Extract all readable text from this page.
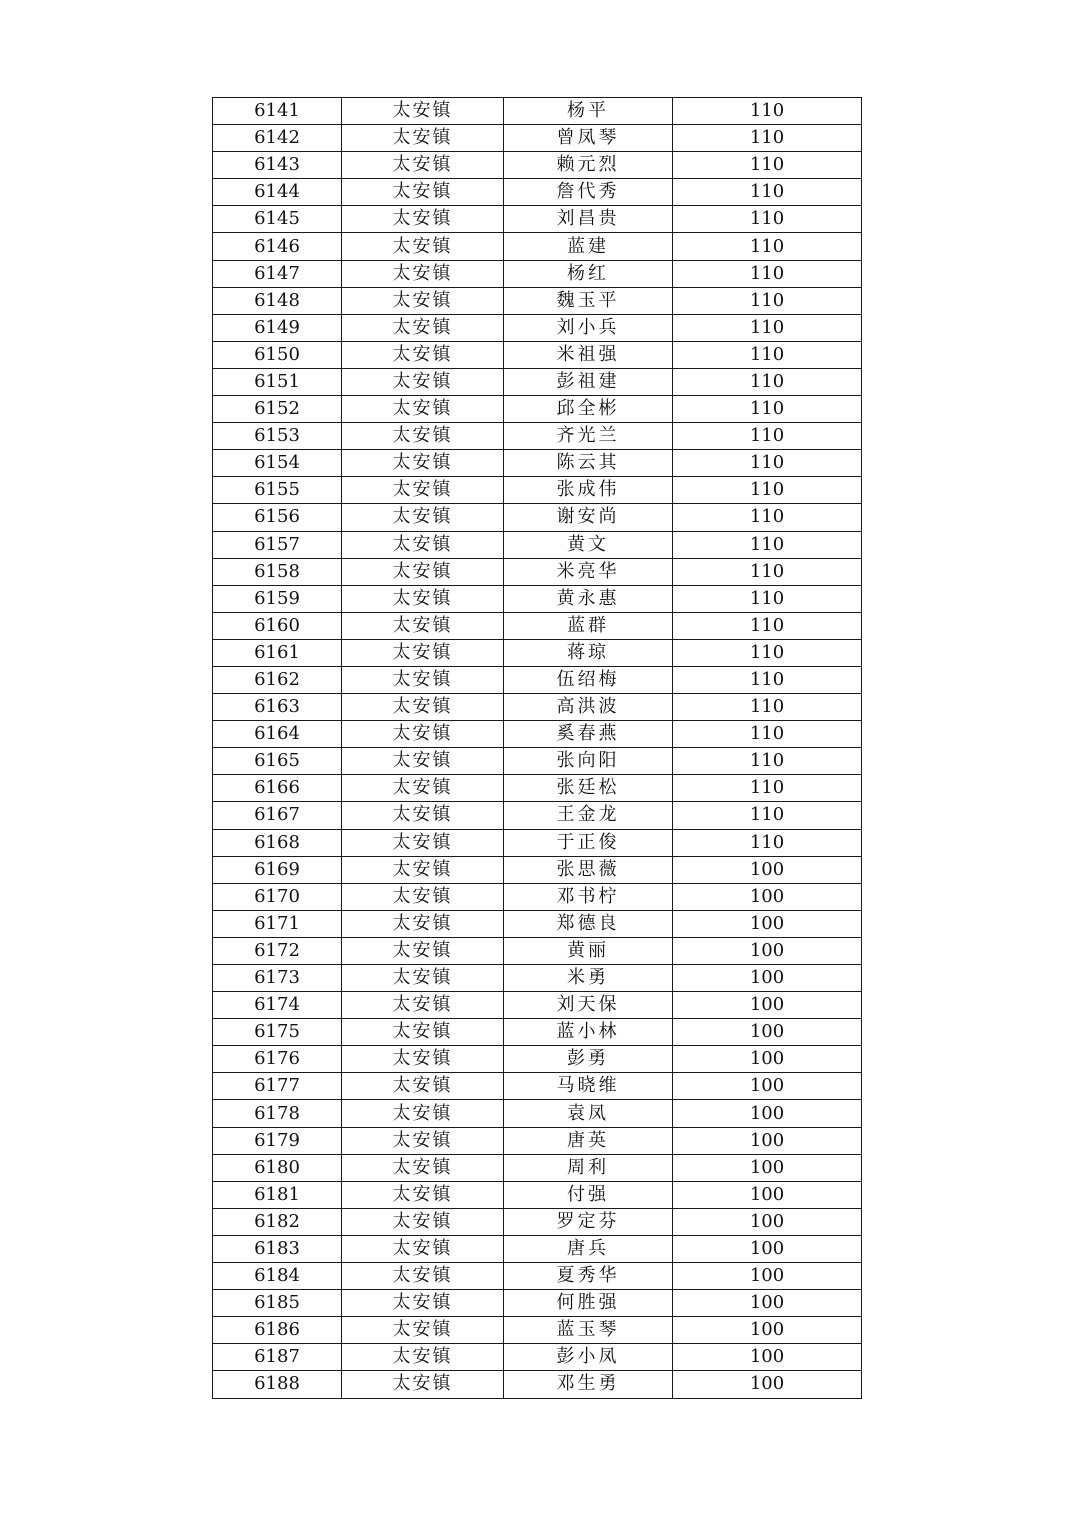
6141	太安镇	杨平	110
6142	太安镇	曾凤琴	110
6143	太安镇	赖元烈	110
6144	太安镇	詹代秀	110
6145	太安镇	刘昌贵	110
6146	太安镇	蓝建	110
6147	太安镇	杨红	110
6148	太安镇	魏玉平	110
6149	太安镇	刘小兵	110
6150	太安镇	米祖强	110
6151	太安镇	彭祖建	110
6152	太安镇	邱全彬	110
6153	太安镇	齐光兰	110
6154	太安镇	陈云其	110
6155	太安镇	张成伟	110
6156	太安镇	谢安尚	110
6157	太安镇	黄文	110
6158	太安镇	米亮华	110
6159	太安镇	黄永惠	110
6160	太安镇	蓝群	110
6161	太安镇	蒋琼	110
6162	太安镇	伍绍梅	110
6163	太安镇	高洪波	110
6164	太安镇	奚春燕	110
6165	太安镇	张向阳	110
6166	太安镇	张廷松	110
6167	太安镇	王金龙	110
6168	太安镇	于正俊	110
6169	太安镇	张思薇	100
6170	太安镇	邓书柠	100
6171	太安镇	郑德良	100
6172	太安镇	黄丽	100
6173	太安镇	米勇	100
6174	太安镇	刘天保	100
6175	太安镇	蓝小林	100
6176	太安镇	彭勇	100
6177	太安镇	马晓维	100
6178	太安镇	袁凤	100
6179	太安镇	唐英	100
6180	太安镇	周利	100
6181	太安镇	付强	100
6182	太安镇	罗定芬	100
6183	太安镇	唐兵	100
6184	太安镇	夏秀华	100
6185	太安镇	何胜强	100
6186	太安镇	蓝玉琴	100
6187	太安镇	彭小凤	100
6188	太安镇	邓生勇	100
